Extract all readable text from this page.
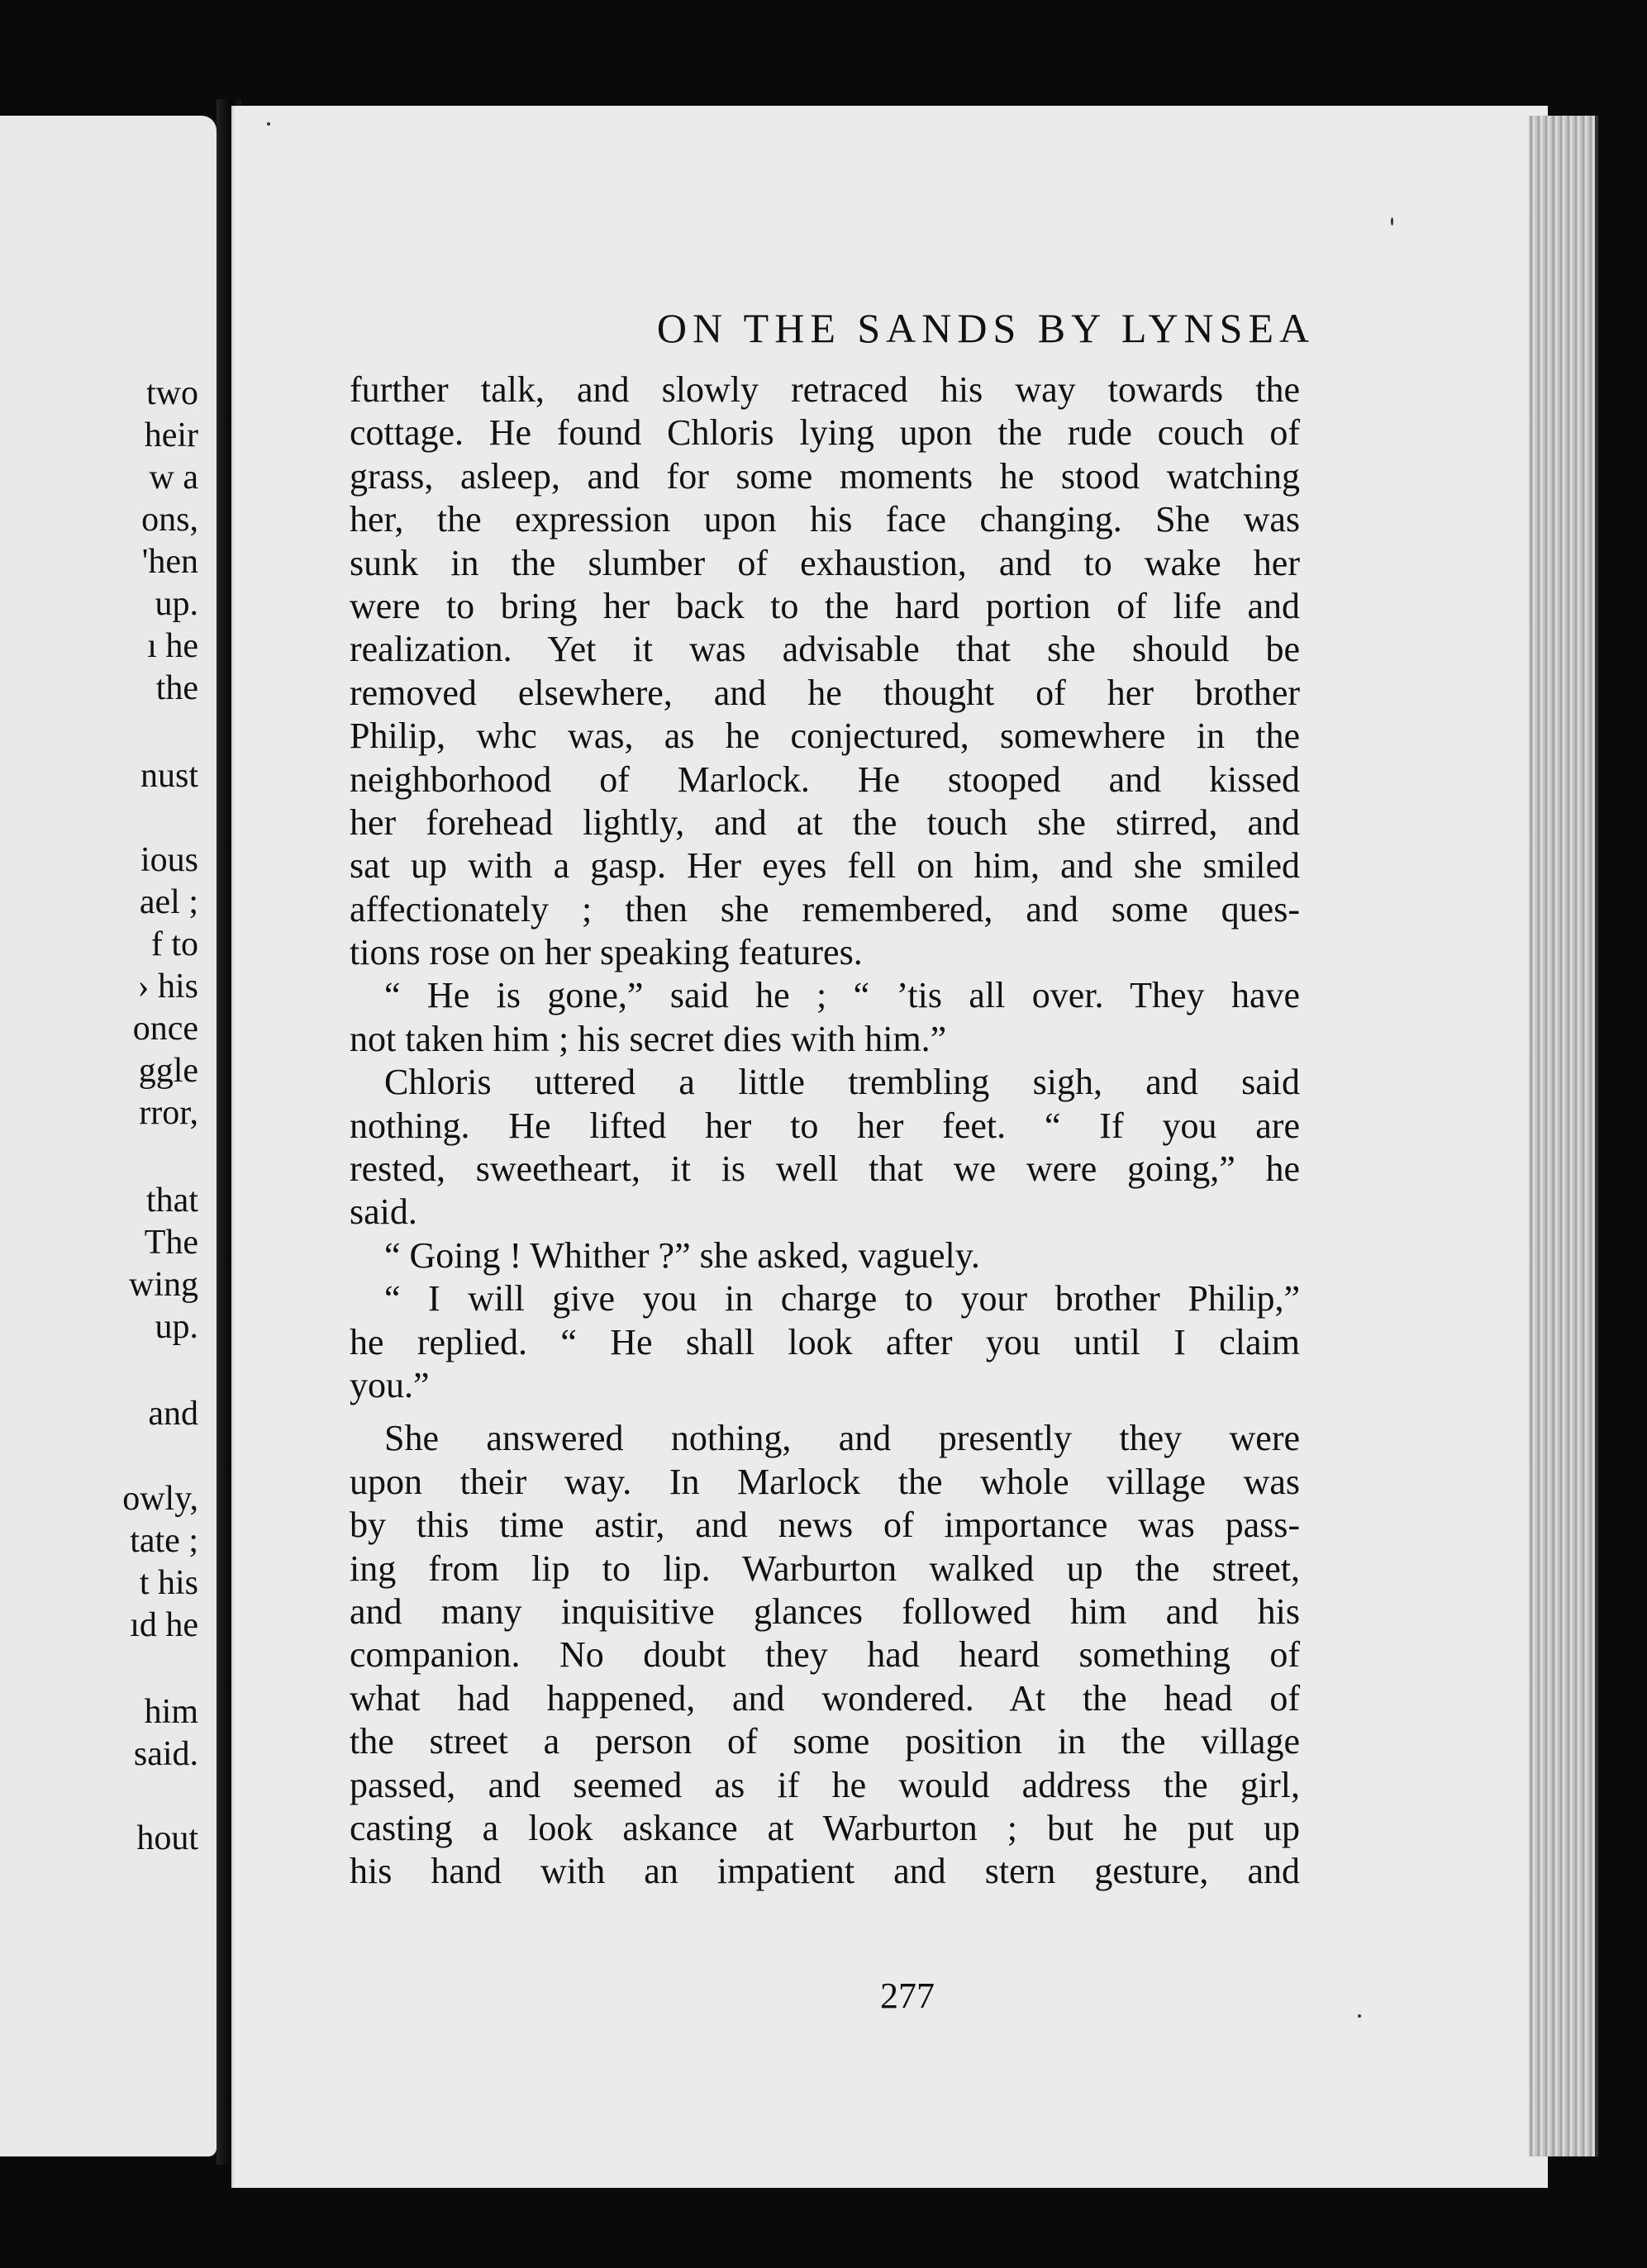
two
heir
w a
ons,
'hen
up.
ı he
the
nust
ious
ael ;
f to
› his
once
ggle
rror,
that
The
wing
up.
and
owly,
tate ;
t his
ıd he
him
said.
hout
ON THE SANDS BY LYNSEA
further talk, and slowly retraced his way towards the
cottage. He found Chloris lying upon the rude couch of
grass, asleep, and for some moments he stood watching
her, the expression upon his face changing. She was
sunk in the slumber of exhaustion, and to wake her
were to bring her back to the hard portion of life and
realization. Yet it was advisable that she should be
removed elsewhere, and he thought of her brother
Philip, whc was, as he conjectured, somewhere in the
neighborhood of Marlock. He stooped and kissed
her forehead lightly, and at the touch she stirred, and
sat up with a gasp. Her eyes fell on him, and she smiled
affectionately ; then she remembered, and some ques-
tions rose on her speaking features.
“ He is gone,” said he ; “ ’tis all over. They have
not taken him ; his secret dies with him.”
Chloris uttered a little trembling sigh, and said
nothing. He lifted her to her feet. “ If you are
rested, sweetheart, it is well that we were going,” he
said.
“ Going ! Whither ?” she asked, vaguely.
“ I will give you in charge to your brother Philip,”
he replied. “ He shall look after you until I claim
you.”
She answered nothing, and presently they were
upon their way. In Marlock the whole village was
by this time astir, and news of importance was pass-
ing from lip to lip. Warburton walked up the street,
and many inquisitive glances followed him and his
companion. No doubt they had heard something of
what had happened, and wondered. At the head of
the street a person of some position in the village
passed, and seemed as if he would address the girl,
casting a look askance at Warburton ; but he put up
his hand with an impatient and stern gesture, and
277
